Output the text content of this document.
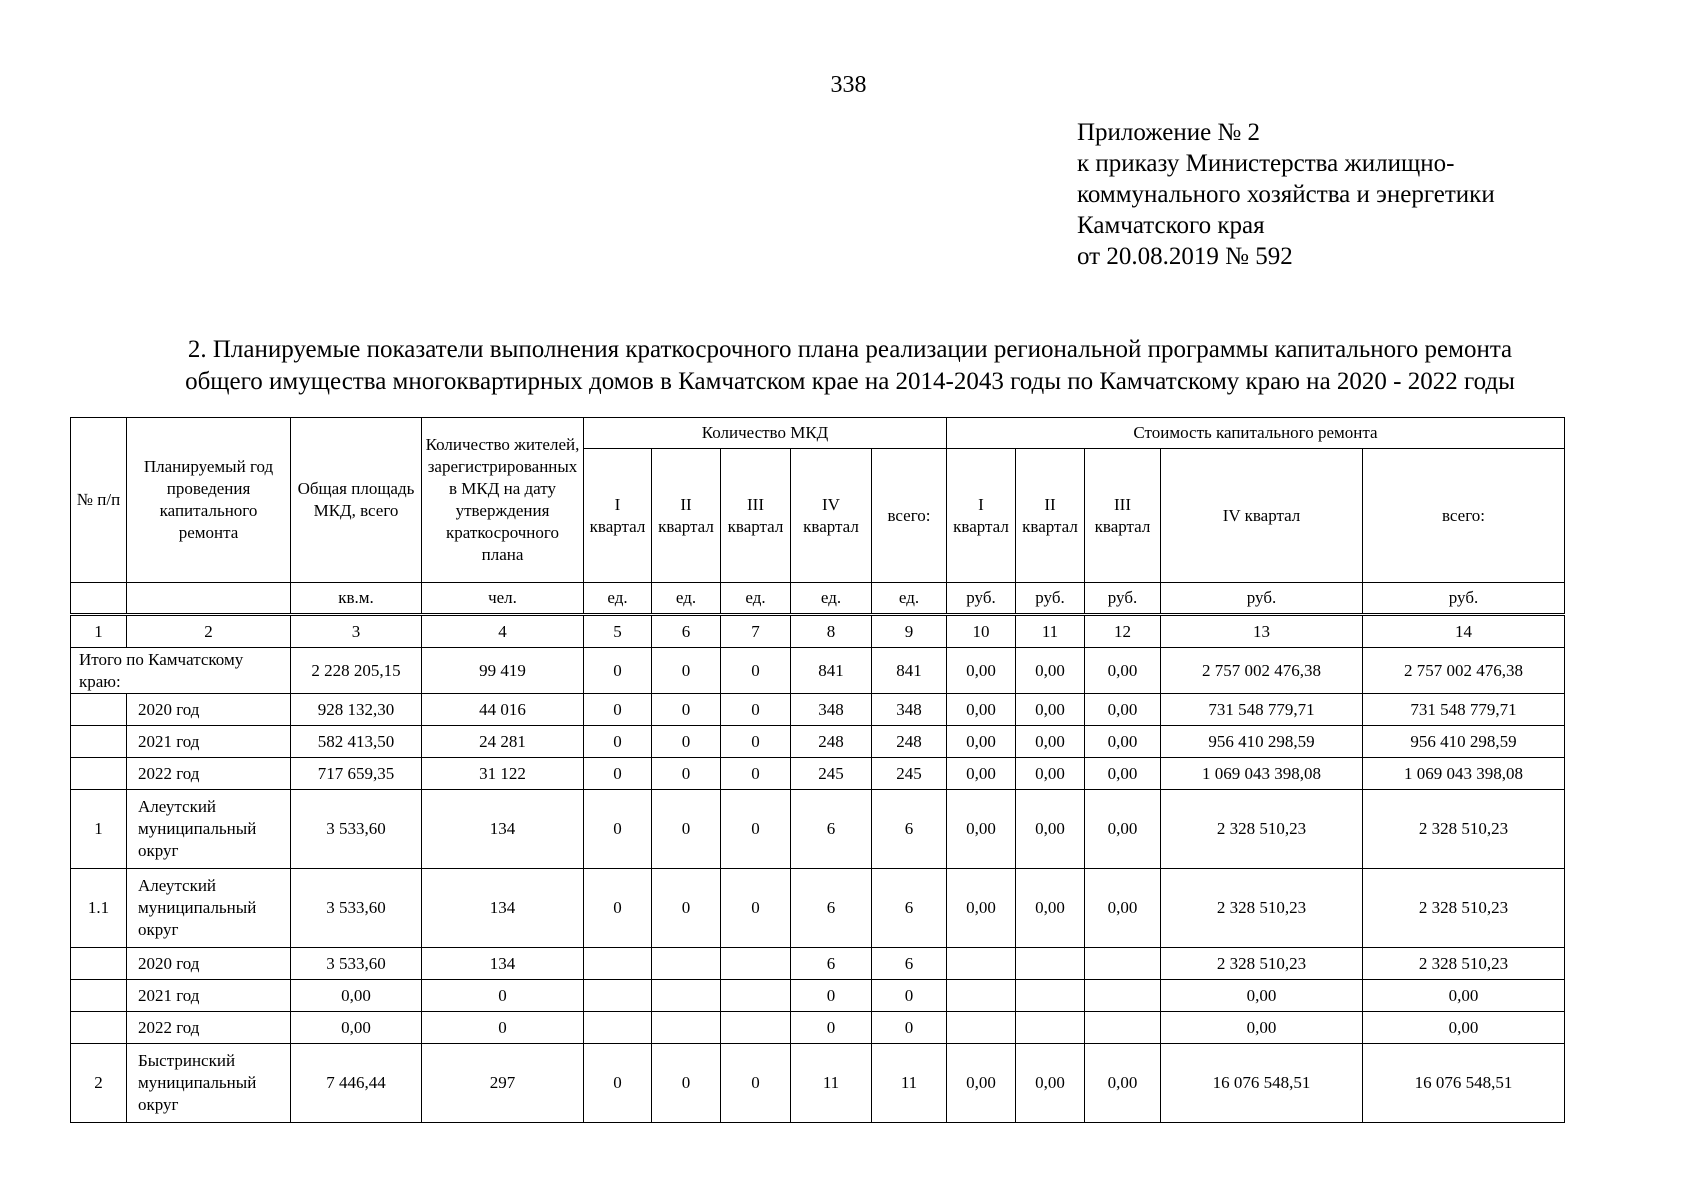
338
Приложение № 2
к приказу Министерства жилищно-
коммунального хозяйства и энергетики
Камчатского края
от 20.08.2019 № 592
2. Планируемые показатели выполнения краткосрочного плана реализации региональной программы капитального ремонта
общего имущества многоквартирных домов в Камчатском крае на 2014-2043 годы по Камчатскому краю на 2020 - 2022 годы
№ п/п	Планируемый год проведения капитального ремонта	Общая площадь МКД, всего	Количество жителей, зарегистрированных в МКД на дату утверждения краткосрочного плана	Количество МКД					Стоимость капитального ремонта				
				I квартал	II квартал	III квартал	IV квартал	всего:	I квартал	II квартал	III квартал	IV квартал	всего:
		кв.м.	чел.	ед.	ед.	ед.	ед.	ед.	руб.	руб.	руб.	руб.	руб.
1	2	3	4	5	6	7	8	9	10	11	12	13	14
Итого по Камчатскому краю:		2 228 205,15	99 419	0	0	0	841	841	0,00	0,00	0,00	2 757 002 476,38	2 757 002 476,38
	2020 год	928 132,30	44 016	0	0	0	348	348	0,00	0,00	0,00	731 548 779,71	731 548 779,71
	2021 год	582 413,50	24 281	0	0	0	248	248	0,00	0,00	0,00	956 410 298,59	956 410 298,59
	2022 год	717 659,35	31 122	0	0	0	245	245	0,00	0,00	0,00	1 069 043 398,08	1 069 043 398,08
1	Алеутский муниципальный округ	3 533,60	134	0	0	0	6	6	0,00	0,00	0,00	2 328 510,23	2 328 510,23
1.1	Алеутский муниципальный округ	3 533,60	134	0	0	0	6	6	0,00	0,00	0,00	2 328 510,23	2 328 510,23
	2020 год	3 533,60	134				6	6				2 328 510,23	2 328 510,23
	2021 год	0,00	0				0	0				0,00	0,00
	2022 год	0,00	0				0	0				0,00	0,00
2	Быстринский муниципальный округ	7 446,44	297	0	0	0	11	11	0,00	0,00	0,00	16 076 548,51	16 076 548,51
